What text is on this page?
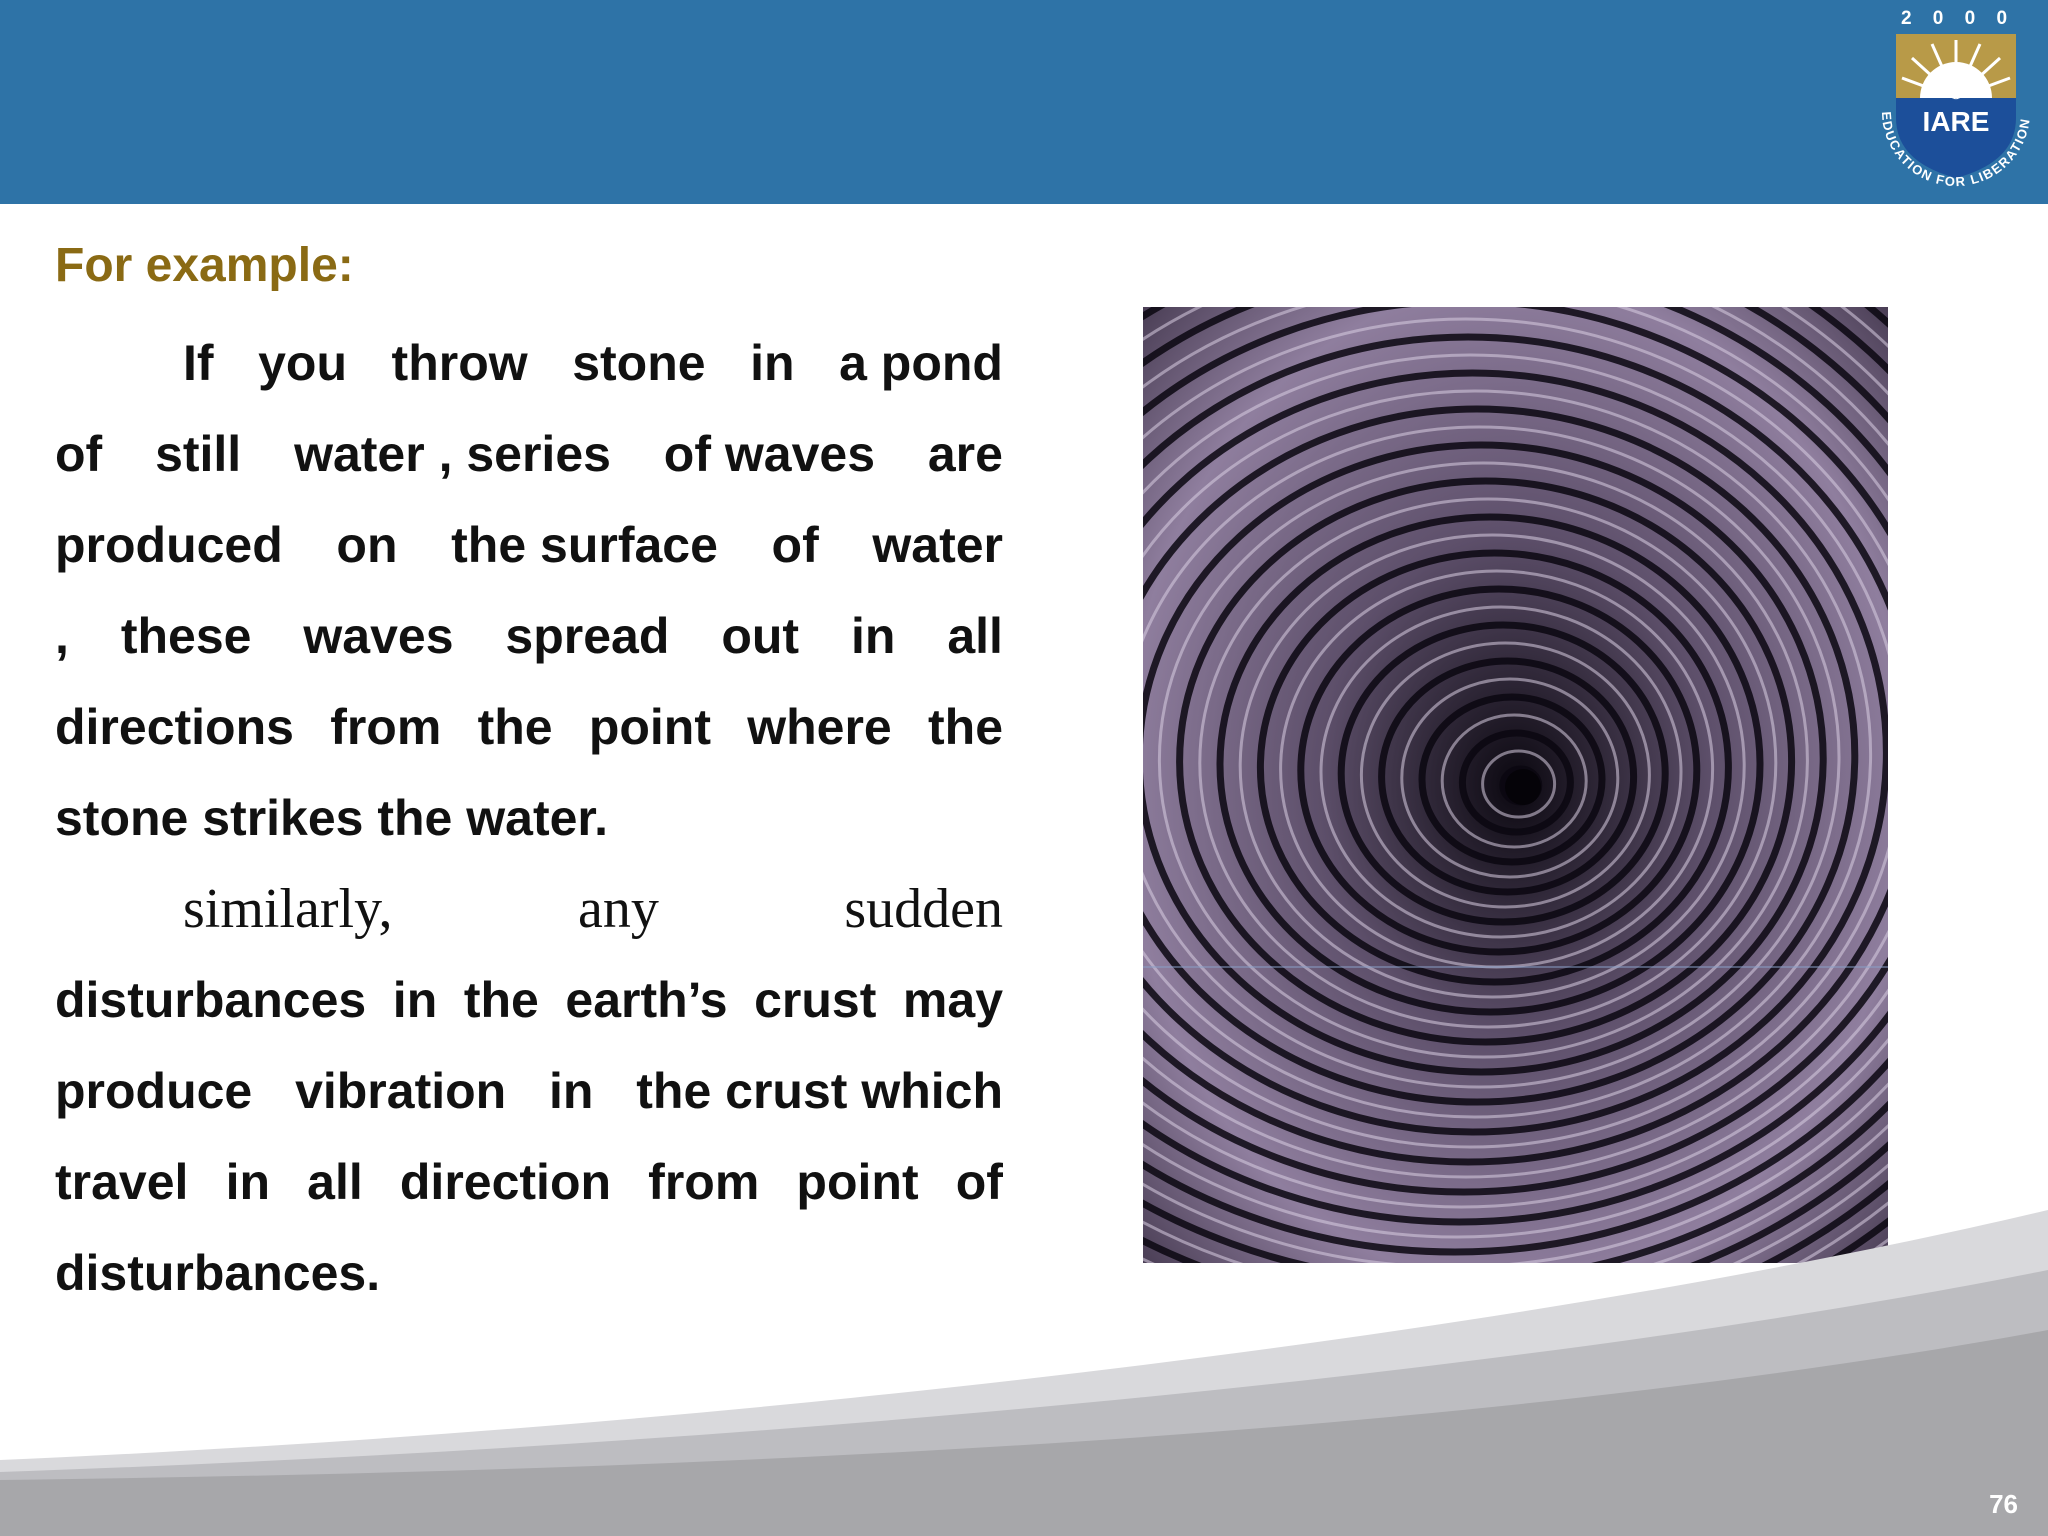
2 0 0 0
IARE
EDUCATION FOR LIBERATION
For example:
If you throw stone in a pond
of still water , series of waves are
produced on the surface of water
, these waves spread out in all
directions from the point where the
stone strikes the water.
similarly,	any	sudden
disturbances in the earth’s crust may
produce vibration in the crust which
travel in all direction from point of
disturbances.
76
